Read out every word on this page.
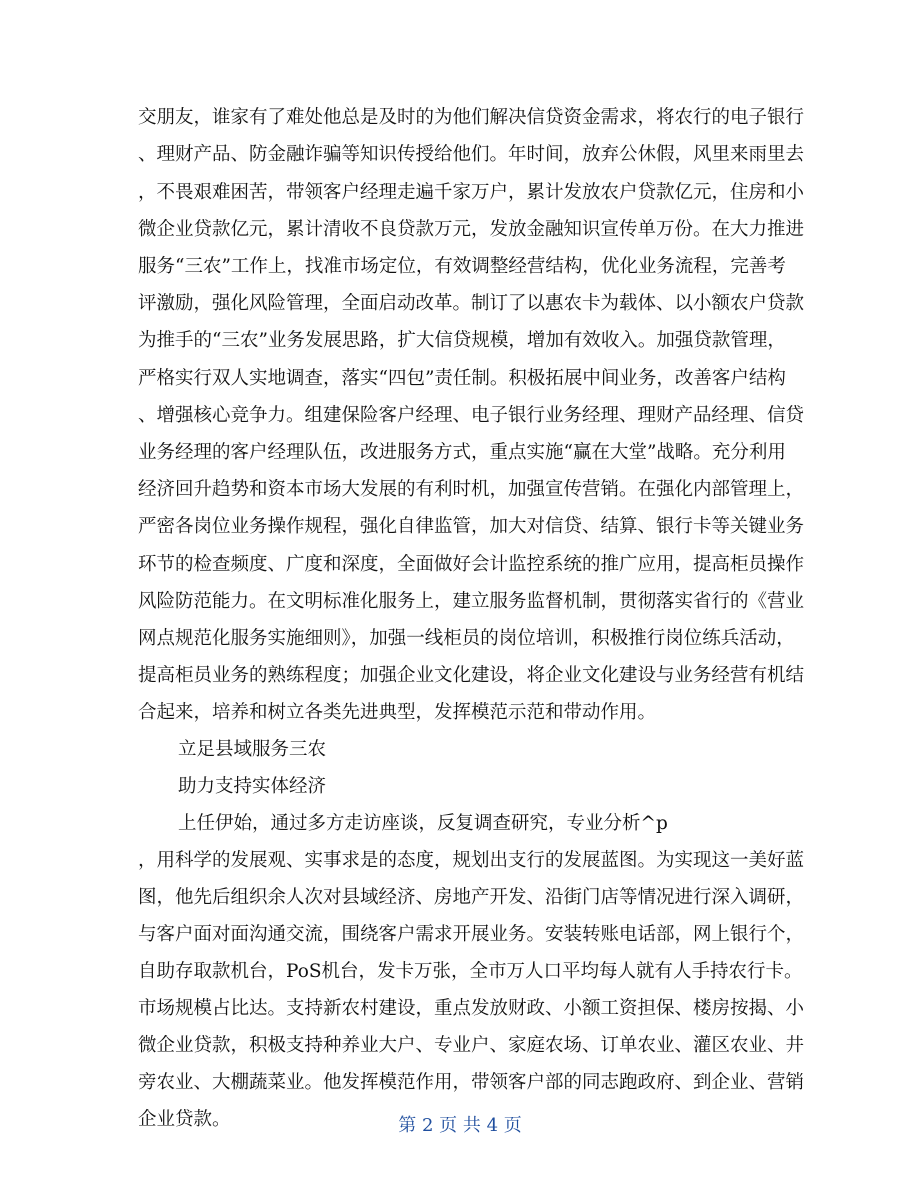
交朋友，谁家有了难处他总是及时的为他们解决信贷资金需求，将农行的电子银行
、理财产品、防金融诈骗等知识传授给他们。年时间，放弃公休假，风里来雨里去
，不畏艰难困苦，带领客户经理走遍千家万户，累计发放农户贷款亿元，住房和小
微企业贷款亿元，累计清收不良贷款万元，发放金融知识宣传单万份。在大力推进
服务“三农”工作上，找准市场定位，有效调整经营结构，优化业务流程，完善考
评激励，强化风险管理，全面启动改革。制订了以惠农卡为载体、以小额农户贷款
为推手的“三农”业务发展思路，扩大信贷规模，增加有效收入。加强贷款管理，
严格实行双人实地调查，落实“四包”责任制。积极拓展中间业务，改善客户结构
、增强核心竞争力。组建保险客户经理、电子银行业务经理、理财产品经理、信贷
业务经理的客户经理队伍，改进服务方式，重点实施“赢在大堂”战略。充分利用
经济回升趋势和资本市场大发展的有利时机，加强宣传营销。在强化内部管理上，
严密各岗位业务操作规程，强化自律监管，加大对信贷、结算、银行卡等关键业务
环节的检查频度、广度和深度，全面做好会计监控系统的推广应用，提高柜员操作
风险防范能力。在文明标准化服务上，建立服务监督机制，贯彻落实省行的《营业
网点规范化服务实施细则》，加强一线柜员的岗位培训，积极推行岗位练兵活动，
提高柜员业务的熟练程度；加强企业文化建设，将企业文化建设与业务经营有机结
合起来，培养和树立各类先进典型，发挥模范示范和带动作用。
立足县域服务三农
助力支持实体经济
上任伊始，通过多方走访座谈，反复调查研究，专业分析^p
，用科学的发展观、实事求是的态度，规划出支行的发展蓝图。为实现这一美好蓝
图，他先后组织余人次对县域经济、房地产开发、沿街门店等情况进行深入调研，
与客户面对面沟通交流，围绕客户需求开展业务。安装转账电话部，网上银行个，
自助存取款机台，PoS机台，发卡万张，全市万人口平均每人就有人手持农行卡。
市场规模占比达。支持新农村建设，重点发放财政、小额工资担保、楼房按揭、小
微企业贷款，积极支持种养业大户、专业户、家庭农场、订单农业、灌区农业、井
旁农业、大棚蔬菜业。他发挥模范作用，带领客户部的同志跑政府、到企业、营销
企业贷款。	第 2 页 共 4 页
